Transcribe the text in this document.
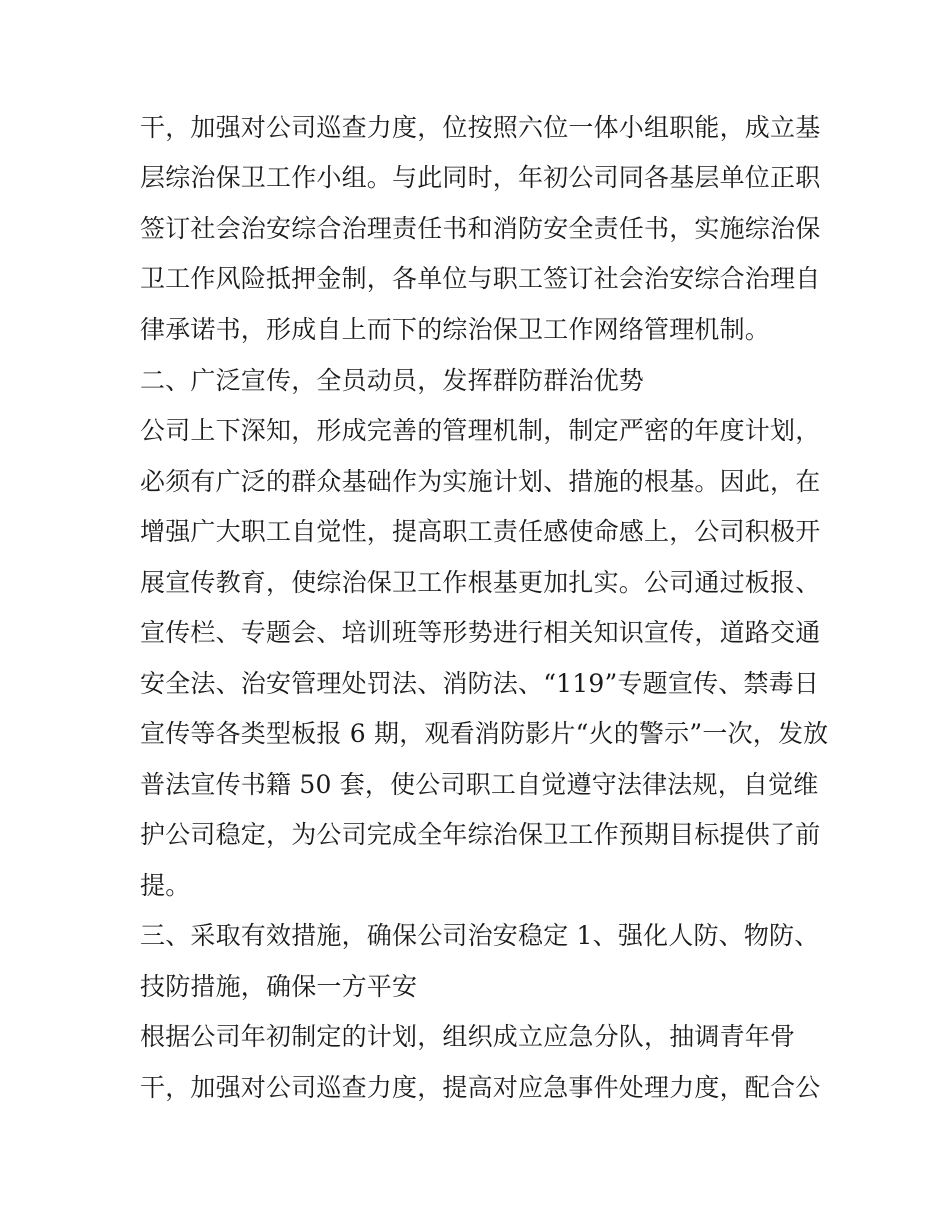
干，加强对公司巡查力度，位按照六位一体小组职能，成立基
层综治保卫工作小组。与此同时，年初公司同各基层单位正职
签订社会治安综合治理责任书和消防安全责任书，实施综治保
卫工作风险抵押金制，各单位与职工签订社会治安综合治理自
律承诺书，形成自上而下的综治保卫工作网络管理机制。
二、广泛宣传，全员动员，发挥群防群治优势
公司上下深知，形成完善的管理机制，制定严密的年度计划，
必须有广泛的群众基础作为实施计划、措施的根基。因此，在
增强广大职工自觉性，提高职工责任感使命感上，公司积极开
展宣传教育，使综治保卫工作根基更加扎实。公司通过板报、
宣传栏、专题会、培训班等形势进行相关知识宣传，道路交通
安全法、治安管理处罚法、消防法、“119”专题宣传、禁毒日
宣传等各类型板报 6 期，观看消防影片“火的警示”一次，发放
普法宣传书籍 50 套，使公司职工自觉遵守法律法规，自觉维
护公司稳定，为公司完成全年综治保卫工作预期目标提供了前
提。
三、采取有效措施，确保公司治安稳定 1、强化人防、物防、
技防措施，确保一方平安
根据公司年初制定的计划，组织成立应急分队，抽调青年骨
干，加强对公司巡查力度，提高对应急事件处理力度，配合公
